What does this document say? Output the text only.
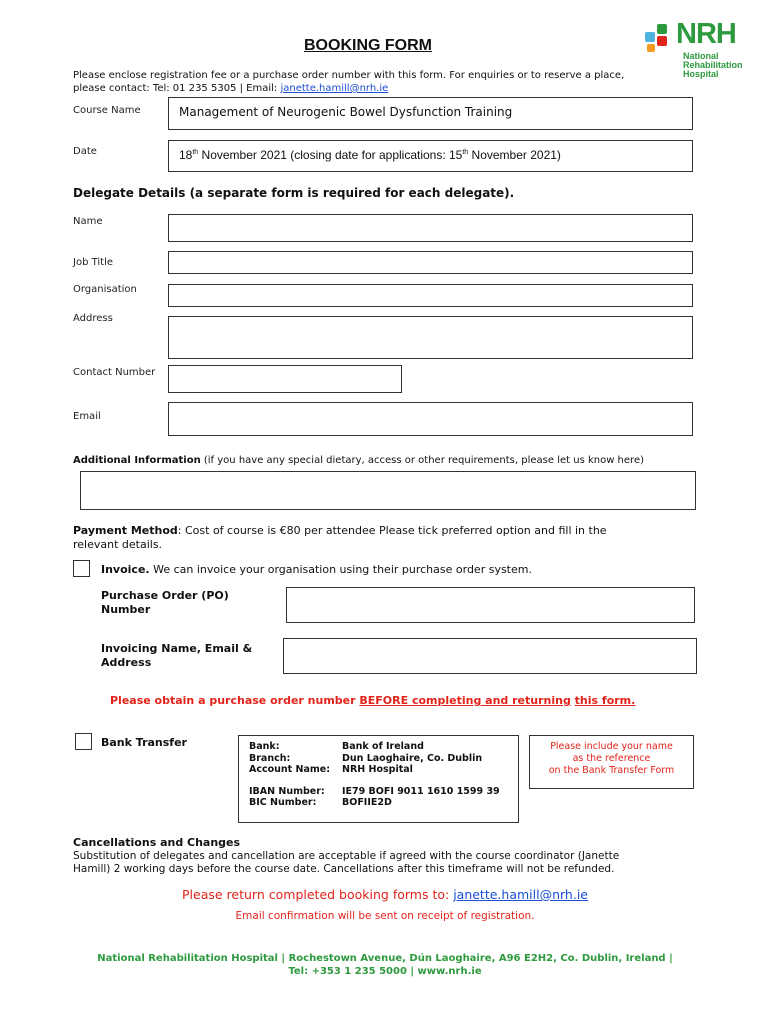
NRH
National
Rehabilitation
Hospital
BOOKING FORM
Please enclose registration fee or a purchase order number with this form. For enquiries or to reserve a place,
please contact: Tel: 01 235 5305 | Email: janette.hamill@nrh.ie
Course Name	Management of Neurogenic Bowel Dysfunction Training
Date	18th November 2021 (closing date for applications: 15th November 2021)
Delegate Details (a separate form is required for each delegate).
Name
Job Title
Organisation
Address
Contact Number
Email
Additional Information (if you have any special dietary, access or other requirements, please let us know here)
Payment Method: Cost of course is €80 per attendee Please tick preferred option and fill in the
relevant details.
Invoice. We can invoice your organisation using their purchase order system.
Purchase Order (PO)
Number
Invoicing Name, Email &
Address
Please obtain a purchase order number BEFORE completing and returning this form.
Bank Transfer	Bank:	Bank of Ireland
Branch:	Dun Laoghaire, Co. Dublin
Account Name:	NRH Hospital
IBAN Number:	IE79 BOFI 9011 1610 1599 39
BIC Number:	BOFIIE2D
Please include your name
as the reference
on the Bank Transfer Form
Cancellations and Changes
Substitution of delegates and cancellation are acceptable if agreed with the course coordinator (Janette
Hamill) 2 working days before the course date. Cancellations after this timeframe will not be refunded.
Please return completed booking forms to: janette.hamill@nrh.ie
Email confirmation will be sent on receipt of registration.
National Rehabilitation Hospital | Rochestown Avenue, Dún Laoghaire, A96 E2H2, Co. Dublin, Ireland |
Tel: +353 1 235 5000 | www.nrh.ie
